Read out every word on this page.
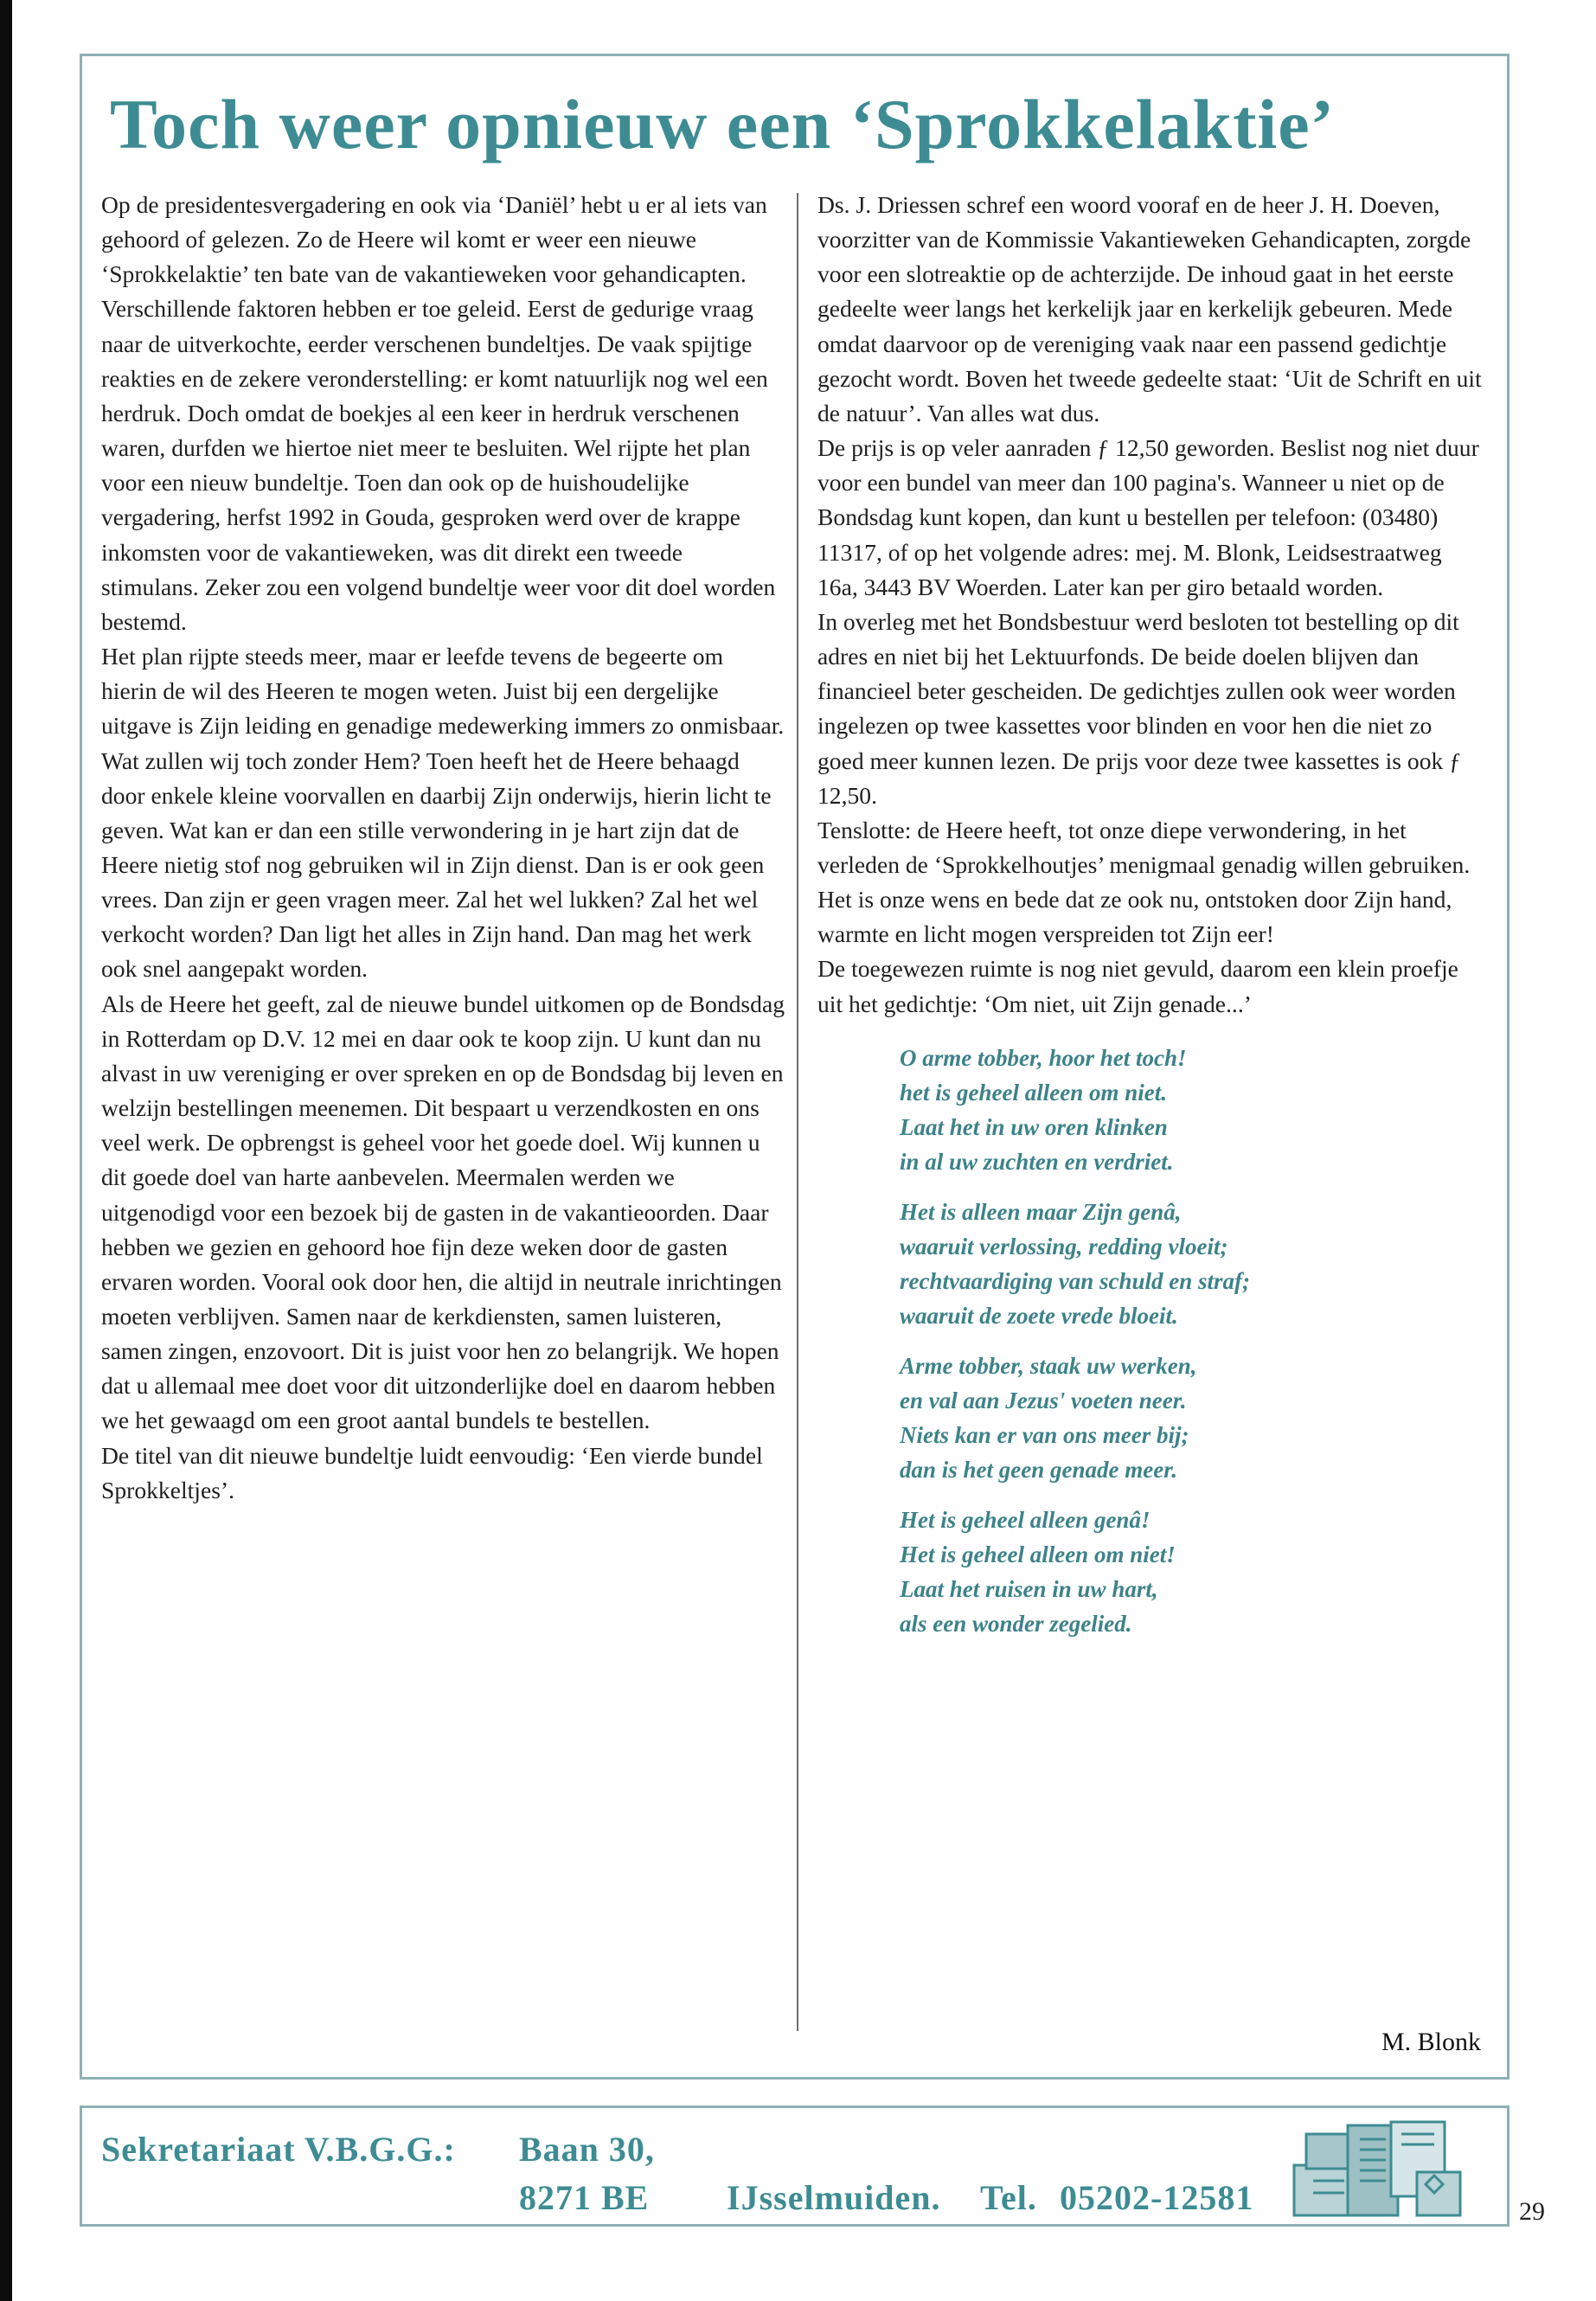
Toch weer opnieuw een ‘Sprokkelaktie’

Op de presidentesvergadering en ook via ‘Daniël’ hebt u er al iets van gehoord of gelezen. Zo de Heere wil komt er weer een nieuwe ‘Sprokkelaktie’ ten bate van de vakantieweken voor gehandicapten.

Verschillende faktoren hebben er toe geleid. Eerst de gedurige vraag naar de uitverkochte, eerder verschenen bundeltjes. De vaak spijtige reakties en de zekere veronderstelling: er komt natuurlijk nog wel een herdruk. Doch omdat de boekjes al een keer in herdruk verschenen waren, durfden we hiertoe niet meer te besluiten. Wel rijpte het plan voor een nieuw bundeltje. Toen dan ook op de huishoudelijke vergadering, herfst 1992 in Gouda, gesproken werd over de krappe inkomsten voor de vakantieweken, was dit direkt een tweede stimulans. Zeker zou een volgend bundeltje weer voor dit doel worden bestemd.

Het plan rijpte steeds meer, maar er leefde tevens de begeerte om hierin de wil des Heeren te mogen weten. Juist bij een dergelijke uitgave is Zijn leiding en genadige medewerking immers zo onmisbaar. Wat zullen wij toch zonder Hem? Toen heeft het de Heere behaagd door enkele kleine voorvallen en daarbij Zijn onderwijs, hierin licht te geven. Wat kan er dan een stille verwondering in je hart zijn dat de Heere nietig stof nog gebruiken wil in Zijn dienst. Dan is er ook geen vrees. Dan zijn er geen vragen meer. Zal het wel lukken? Zal het wel verkocht worden? Dan ligt het alles in Zijn hand. Dan mag het werk ook snel aangepakt worden.

Als de Heere het geeft, zal de nieuwe bundel uitkomen op de Bondsdag in Rotterdam op D.V. 12 mei en daar ook te koop zijn. U kunt dan nu alvast in uw vereniging er over spreken en op de Bondsdag bij leven en welzijn bestellingen meenemen. Dit bespaart u verzendkosten en ons veel werk. De opbrengst is geheel voor het goede doel. Wij kunnen u dit goede doel van harte aanbevelen. Meermalen werden we uitgenodigd voor een bezoek bij de gasten in de vakantieoorden. Daar hebben we gezien en gehoord hoe fijn deze weken door de gasten ervaren worden. Vooral ook door hen, die altijd in neutrale inrichtingen moeten verblijven. Samen naar de kerkdiensten, samen luisteren, samen zingen, enzovoort. Dit is juist voor hen zo belangrijk. We hopen dat u allemaal mee doet voor dit uitzonderlijke doel en daarom hebben we het gewaagd om een groot aantal bundels te bestellen.

De titel van dit nieuwe bundeltje luidt eenvoudig: ‘Een vierde bundel Sprokkeltjes’.

Ds. J. Driessen schref een woord vooraf en de heer J. H. Doeven, voorzitter van de Kommissie Vakantieweken Gehandicapten, zorgde voor een slotreaktie op de achterzijde. De inhoud gaat in het eerste gedeelte weer langs het kerkelijk jaar en kerkelijk gebeuren. Mede omdat daarvoor op de vereniging vaak naar een passend gedichtje gezocht wordt. Boven het tweede gedeelte staat: ‘Uit de Schrift en uit de natuur’. Van alles wat dus.

De prijs is op veler aanraden ƒ 12,50 geworden. Beslist nog niet duur voor een bundel van meer dan 100 pagina's. Wanneer u niet op de Bondsdag kunt kopen, dan kunt u bestellen per telefoon: (03480) 11317, of op het volgende adres: mej. M. Blonk, Leidsestraatweg 16a, 3443 BV Woerden. Later kan per giro betaald worden.

In overleg met het Bondsbestuur werd besloten tot bestelling op dit adres en niet bij het Lektuurfonds. De beide doelen blijven dan financieel beter gescheiden. De gedichtjes zullen ook weer worden ingelezen op twee kassettes voor blinden en voor hen die niet zo goed meer kunnen lezen. De prijs voor deze twee kassettes is ook ƒ 12,50.

Tenslotte: de Heere heeft, tot onze diepe verwondering, in het verleden de ‘Sprokkelhoutjes’ menigmaal genadig willen gebruiken. Het is onze wens en bede dat ze ook nu, ontstoken door Zijn hand, warmte en licht mogen verspreiden tot Zijn eer!

De toegewezen ruimte is nog niet gevuld, daarom een klein proefje uit het gedichtje: ‘Om niet, uit Zijn genade...’

O arme tobber, hoor het toch!
het is geheel alleen om niet.
Laat het in uw oren klinken
in al uw zuchten en verdriet.
Het is alleen maar Zijn genâ,
waaruit verlossing, redding vloeit;
rechtvaardiging van schuld en straf;
waaruit de zoete vrede bloeit.
Arme tobber, staak uw werken,
en val aan Jezus' voeten neer.
Niets kan er van ons meer bij;
dan is het geen genade meer.
Het is geheel alleen genâ!
Het is geheel alleen om niet!
Laat het ruisen in uw hart,
als een wonder zegelied.
M. Blonk
Sekretariaat V.B.G.G.: Baan 30,
8271 BE IJsselmuiden. Tel. 05202-12581	29
